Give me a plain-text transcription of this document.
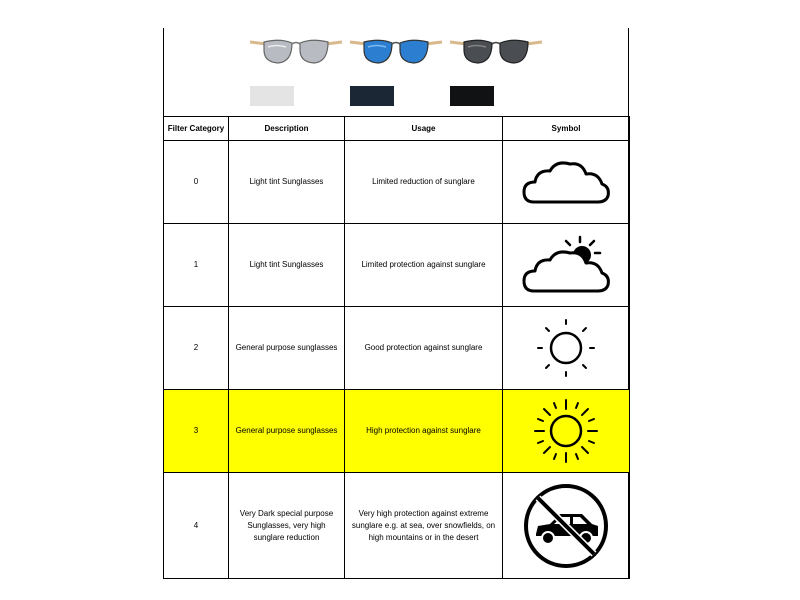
Filter Category	Description	Usage	Symbol
0	Light tint Sunglasses	Limited reduction of sunglare	

1	Light tint Sunglasses	Limited protection against sunglare	

2	General purpose sunglasses	Good protection against sunglare	

3	General purpose sunglasses	High protection against sunglare	

4	Very Dark special purpose Sunglasses, very high sunglare reduction	Very high protection against extreme sunglare e.g. at sea, over snowfields, on high mountains or in the desert	
